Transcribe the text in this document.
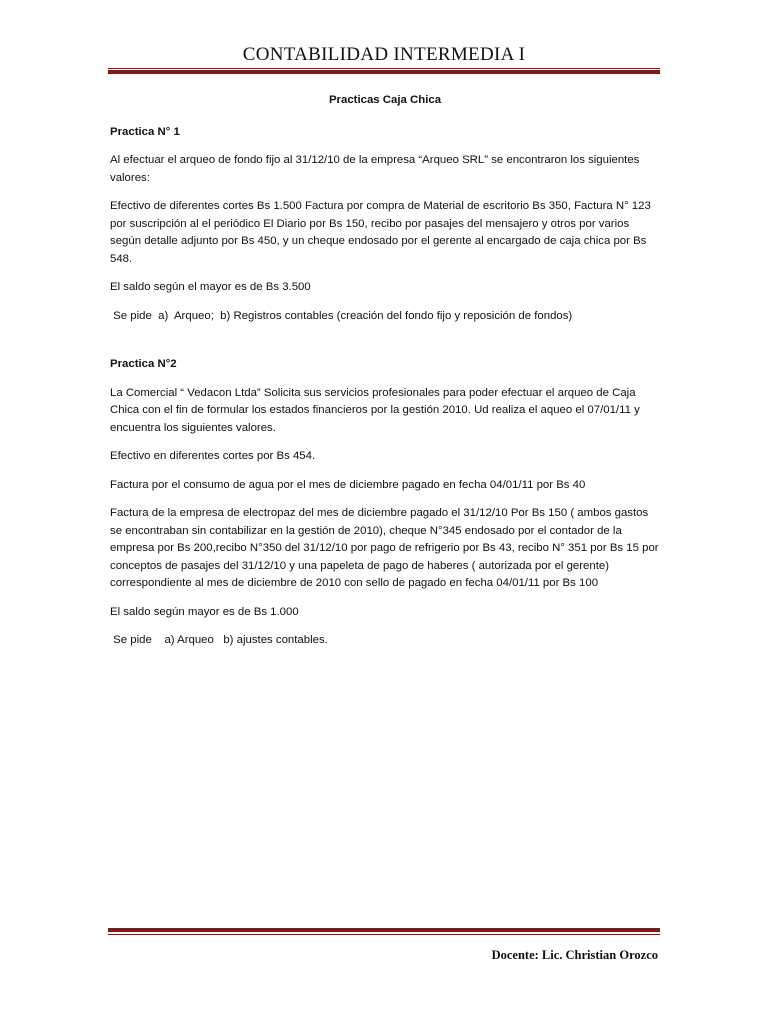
CONTABILIDAD INTERMEDIA I

Practicas Caja Chica

Practica N° 1

Al efectuar el arqueo de fondo fijo al 31/12/10 de la empresa “Arqueo SRL” se encontraron los siguientes valores:

Efectivo de diferentes cortes Bs 1.500 Factura por compra de Material de escritorio Bs 350, Factura N° 123 por suscripción al el periódico El Diario por Bs 150, recibo por pasajes del mensajero y otros por varios según detalle adjunto por Bs 450, y un cheque endosado por el gerente al encargado de caja chica por Bs 548.

El saldo según el mayor es de Bs 3.500

Se pide  a)  Arqueo;  b) Registros contables (creación del fondo fijo y reposición de fondos)

Practica N°2

La Comercial “ Vedacon Ltda” Solicita sus servicios profesionales para poder efectuar el arqueo de Caja Chica con el fin de formular los estados financieros por la gestión 2010. Ud realiza el aqueo el 07/01/11 y encuentra los siguientes valores.

Efectivo en diferentes cortes por Bs 454.

Factura por el consumo de agua por el mes de diciembre pagado en fecha 04/01/11 por Bs 40

Factura de la empresa de electropaz del mes de diciembre pagado el 31/12/10 Por Bs 150 ( ambos gastos se encontraban sin contabilizar en la gestión de 2010), cheque N°345 endosado por el contador de la empresa por Bs 200,recibo N°350 del 31/12/10 por pago de refrigerio por Bs 43, recibo N° 351 por Bs 15 por conceptos de pasajes del 31/12/10 y una papeleta de pago de haberes ( autorizada por el gerente) correspondiente al mes de diciembre de 2010 con sello de pagado en fecha 04/01/11 por Bs 100

El saldo según mayor es de Bs 1.000

Se pide    a) Arqueo   b) ajustes contables.

Docente: Lic. Christian Orozco
